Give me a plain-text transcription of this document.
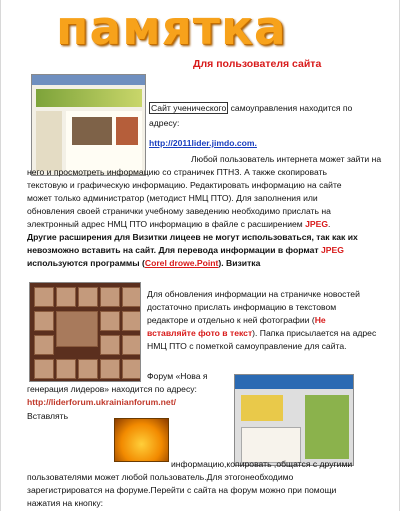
памятка
Для пользователя сайта
Сайт ученического самоуправления находится по
адресу:
http://2011lider.jimdo.com.
Любой пользователь интернета может зайти на
него и просмотреть информацию со страничек ПТНЗ. А также скопировать
текстовую и графическую информацию. Редактировать информацию на сайте
может только администратор (методист НМЦ ПТО). Для заполнения или
обновления своей странички учебному заведению необходимо прислать на
электронный адрес НМЦ ПТО информацию в файле с расширением JPEG.
Другие расширения для Визитки лицеев не могут использоваться, так как их
невозможно вставить на сайт. Для перевода информации в формат JPEG
используются программы (Corel drowe.Point). Визитка
Для обновления информации на страничке новостей
достаточно прислать информацию в текстовом
редакторе и отдельно к ней фотографии (Не
вставляйте фото в текст). Папка присылается на адрес
НМЦ ПТО с пометкой самоуправление для сайта.
Форум «Нова я
генерация лидеров» находится по адресу:
http://liderforum.ukrainianforum.net/
Вставлять
информацию,копировать ,общатся с другими
пользователями может любой пользователь.Для этогонеобходимо
зарегистрироватся на форуме.Перейти с сайта на форум можно при помощи
нажатия на кнопку:
